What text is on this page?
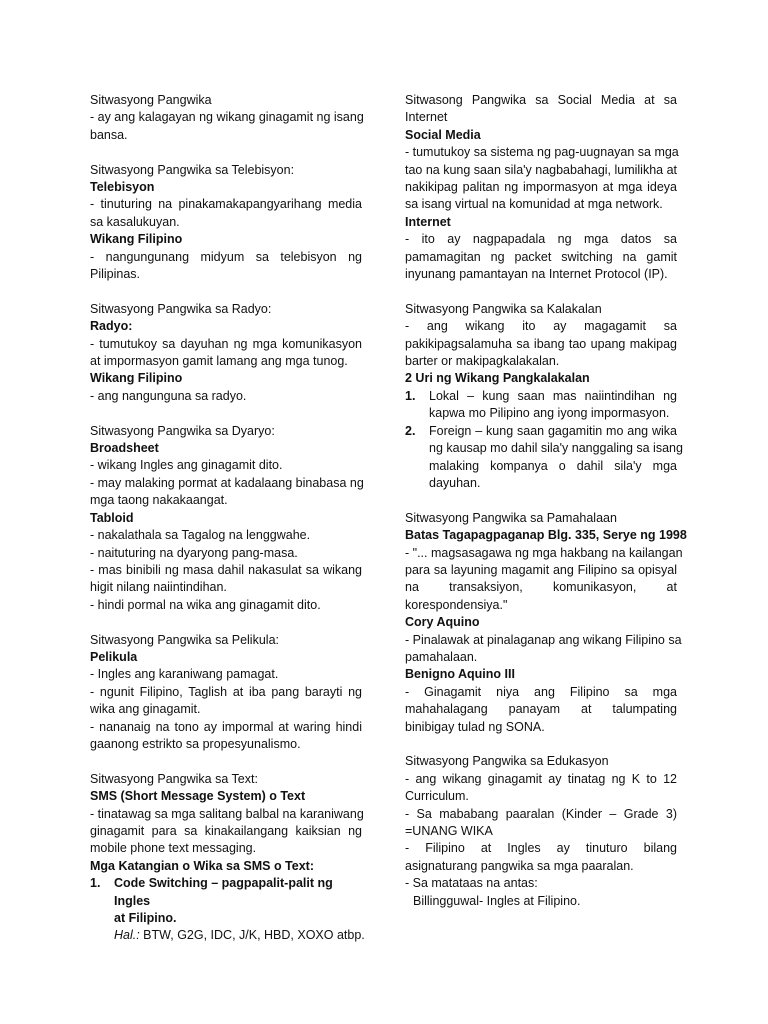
Sitwasyong Pangwika
- ay ang kalagayan ng wikang ginagamit ng isang
bansa.
Sitwasyong Pangwika sa Telebisyon:
Telebisyon
- tinuturing na pinakamakapangyarihang media
sa kasalukuyan.
Wikang Filipino
- nangungunang midyum sa telebisyon ng
Pilipinas.
Sitwasyong Pangwika sa Radyo:
Radyo:
- tumutukoy sa dayuhan ng mga komunikasyon
at impormasyon gamit lamang ang mga tunog.
Wikang Filipino
- ang nangunguna sa radyo.
Sitwasyong Pangwika sa Dyaryo:
Broadsheet
- wikang Ingles ang ginagamit dito.
- may malaking pormat at kadalaang binabasa ng
mga taong nakakaangat.
Tabloid
- nakalathala sa Tagalog na lenggwahe.
- naituturing na dyaryong pang-masa.
- mas binibili ng masa dahil nakasulat sa wikang
higit nilang naiintindihan.
- hindi pormal na wika ang ginagamit dito.
Sitwasyong Pangwika sa Pelikula:
Pelikula
- Ingles ang karaniwang pamagat.
- ngunit Filipino, Taglish at iba pang barayti ng
wika ang ginagamit.
- nananaig na tono ay impormal at waring hindi
gaanong estrikto sa propesyunalismo.
Sitwasyong Pangwika sa Text:
SMS (Short Message System) o Text
- tinatawag sa mga salitang balbal na karaniwang
ginagamit para sa kinakailangang kaiksian ng
mobile phone text messaging.
Mga Katangian o Wika sa SMS o Text:
1.	Code Switching – pagpapalit-palit ng Ingles
at Filipino.
Hal.: BTW, G2G, IDC, J/K, HBD, XOXO atbp.
Sitwasong Pangwika sa Social Media at sa
Internet
Social Media
- tumutukoy sa sistema ng pag-uugnayan sa mga
tao na kung saan sila'y nagbabahagi, lumilikha at
nakikipag palitan ng impormasyon at mga ideya
sa isang virtual na komunidad at mga network.
Internet
- ito ay nagpapadala ng mga datos sa
pamamagitan ng packet switching na gamit
inyunang pamantayan na Internet Protocol (IP).
Sitwasyong Pangwika sa Kalakalan
- ang wikang ito ay magagamit sa
pakikipagsalamuha sa ibang tao upang makipag
barter or makipagkalakalan.
2 Uri ng Wikang Pangkalakalan
1.	Lokal – kung saan mas naiintindihan ng
kapwa mo Pilipino ang iyong impormasyon.
2.	Foreign – kung saan gagamitin mo ang wika
ng kausap mo dahil sila'y nanggaling sa isang
malaking kompanya o dahil sila'y mga
dayuhan.
Sitwasyong Pangwika sa Pamahalaan
Batas Tagapagpaganap Blg. 335, Serye ng 1998
- "... magsasagawa ng mga hakbang na kailangan
para sa layuning magamit ang Filipino sa opisyal
na transaksiyon, komunikasyon, at
korespondensiya."
Cory Aquino
- Pinalawak at pinalaganap ang wikang Filipino sa
pamahalaan.
Benigno Aquino III
- Ginagamit niya ang Filipino sa mga
mahahalagang panayam at talumpating
binibigay tulad ng SONA.
Sitwasyong Pangwika sa Edukasyon
- ang wikang ginagamit ay tinatag ng K to 12
Curriculum.
- Sa mababang paaralan (Kinder – Grade 3)
=UNANG WIKA
- Filipino at Ingles ay tinuturo bilang
asignaturang pangwika sa mga paaralan.
- Sa matataas na antas:
Billingguwal- Ingles at Filipino.
